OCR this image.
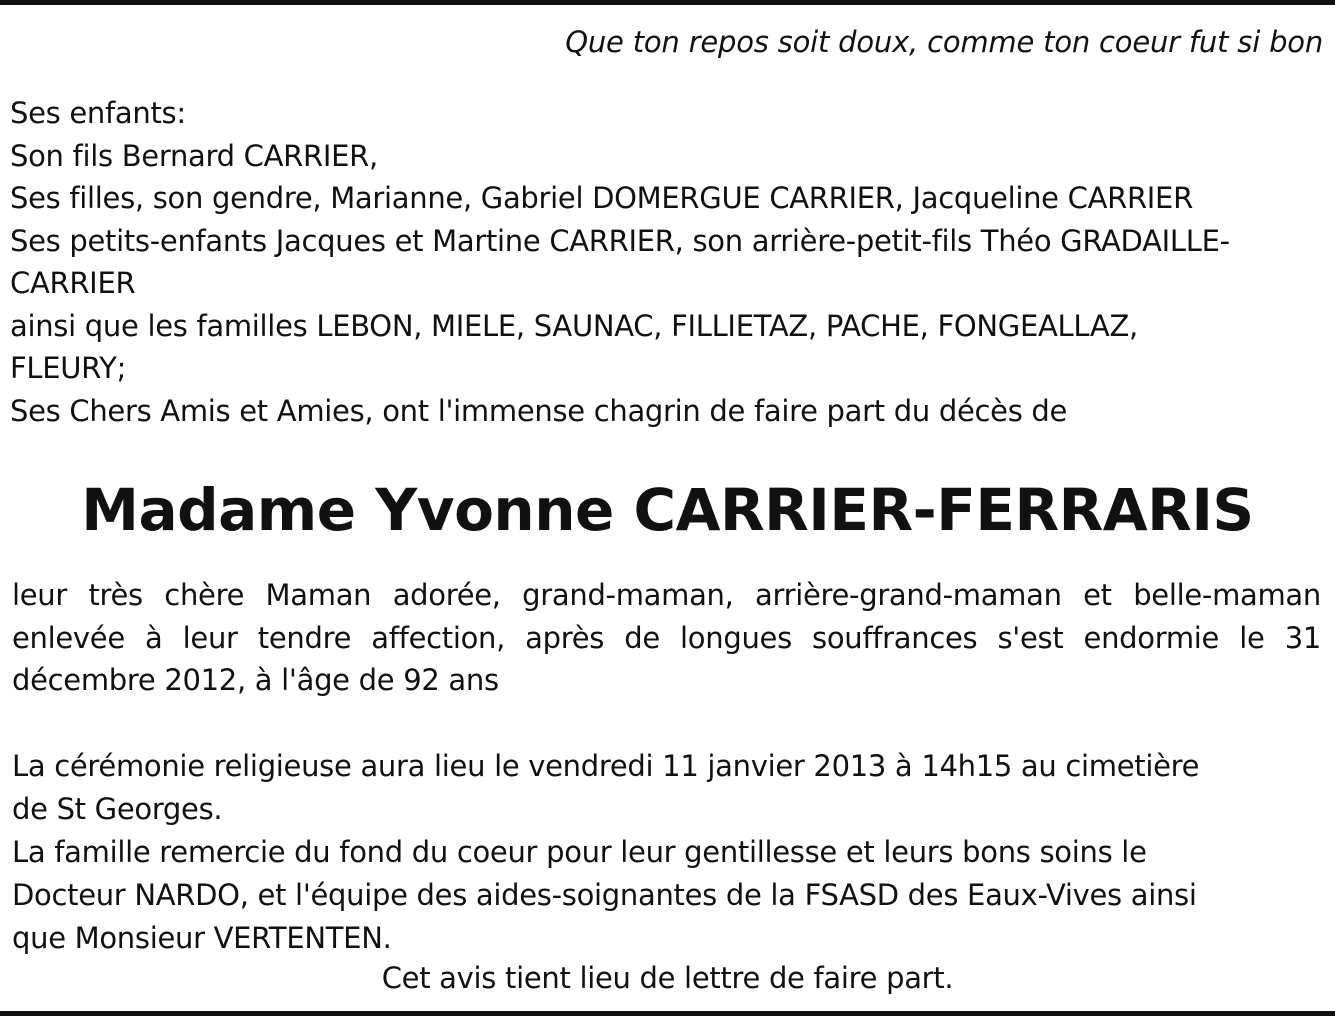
Que ton repos soit doux, comme ton coeur fut si bon
Ses enfants:
Son fils Bernard CARRIER,
Ses filles, son gendre, Marianne, Gabriel DOMERGUE CARRIER, Jacqueline CARRIER
Ses petits-enfants Jacques et Martine CARRIER, son arrière-petit-fils Théo GRADAILLE-
CARRIER
ainsi que les familles LEBON, MIELE, SAUNAC, FILLIETAZ, PACHE, FONGEALLAZ,
FLEURY;
Ses Chers Amis et Amies, ont l'immense chagrin de faire part du décès de
Madame Yvonne CARRIER-FERRARIS
leur très chère Maman adorée, grand-maman, arrière-grand-maman et belle-maman
enlevée à leur tendre affection, après de longues souffrances s'est endormie le 31
décembre 2012, à l'âge de 92 ans
La cérémonie religieuse aura lieu le vendredi 11 janvier 2013 à 14h15 au cimetière
de St Georges.
La famille remercie du fond du coeur pour leur gentillesse et leurs bons soins le
Docteur NARDO, et l'équipe des aides-soignantes de la FSASD des Eaux-Vives ainsi
que Monsieur VERTENTEN.
Cet avis tient lieu de lettre de faire part.
